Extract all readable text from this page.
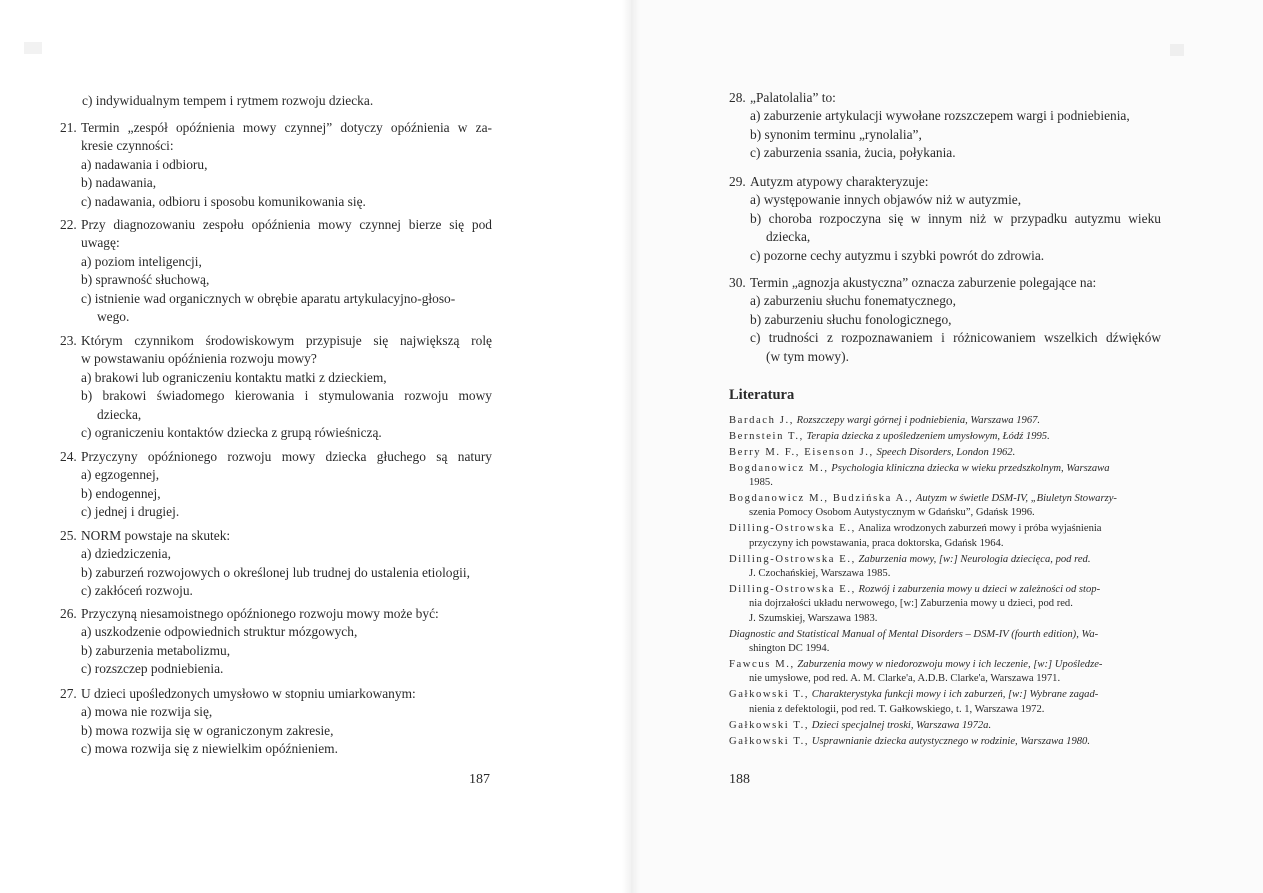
c) indywidualnym tempem i rytmem rozwoju dziecka.
21. Termin „zespół opóźnienia mowy czynnej” dotyczy opóźnienia w za-
kresie czynności:
a) nadawania i odbioru,
b) nadawania,
c) nadawania, odbioru i sposobu komunikowania się.
22. Przy diagnozowaniu zespołu opóźnienia mowy czynnej bierze się pod
uwagę:
a) poziom inteligencji,
b) sprawność słuchową,
c) istnienie wad organicznych w obrębie aparatu artykulacyjno-głoso-
wego.
23. Którym czynnikom środowiskowym przypisuje się największą rolę
w powstawaniu opóźnienia rozwoju mowy?
a) brakowi lub ograniczeniu kontaktu matki z dzieckiem,
b) brakowi świadomego kierowania i stymulowania rozwoju mowy
dziecka,
c) ograniczeniu kontaktów dziecka z grupą rówieśniczą.
24. Przyczyny opóźnionego rozwoju mowy dziecka głuchego są natury
a) egzogennej,
b) endogennej,
c) jednej i drugiej.
25. NORM powstaje na skutek:
a) dziedziczenia,
b) zaburzeń rozwojowych o określonej lub trudnej do ustalenia etiologii,
c) zakłóceń rozwoju.
26. Przyczyną niesamoistnego opóźnionego rozwoju mowy może być:
a) uszkodzenie odpowiednich struktur mózgowych,
b) zaburzenia metabolizmu,
c) rozszczep podniebienia.
27. U dzieci upośledzonych umysłowo w stopniu umiarkowanym:
a) mowa nie rozwija się,
b) mowa rozwija się w ograniczonym zakresie,
c) mowa rozwija się z niewielkim opóźnieniem.
187
28. „Palatolalia” to:
a) zaburzenie artykulacji wywołane rozszczepem wargi i podniebienia,
b) synonim terminu „rynolalia”,
c) zaburzenia ssania, żucia, połykania.
29. Autyzm atypowy charakteryzuje:
a) występowanie innych objawów niż w autyzmie,
b) choroba rozpoczyna się w innym niż w przypadku autyzmu wieku
dziecka,
c) pozorne cechy autyzmu i szybki powrót do zdrowia.
30. Termin „agnozja akustyczna” oznacza zaburzenie polegające na:
a) zaburzeniu słuchu fonematycznego,
b) zaburzeniu słuchu fonologicznego,
c) trudności z rozpoznawaniem i różnicowaniem wszelkich dźwięków
(w tym mowy).
Literatura
Bardach J., Rozszczepy wargi górnej i podniebienia, Warszawa 1967.
Bernstein T., Terapia dziecka z upośledzeniem umysłowym, Łódź 1995.
Berry M. F., Eisenson J., Speech Disorders, London 1962.
Bogdanowicz M., Psychologia kliniczna dziecka w wieku przedszkolnym, Warszawa
1985.
Bogdanowicz M., Budzińska A., Autyzm w świetle DSM-IV, „Biuletyn Stowarzy-
szenia Pomocy Osobom Autystycznym w Gdańsku”, Gdańsk 1996.
Dilling-Ostrowska E., Analiza wrodzonych zaburzeń mowy i próba wyjaśnienia
przyczyny ich powstawania, praca doktorska, Gdańsk 1964.
Dilling-Ostrowska E., Zaburzenia mowy, [w:] Neurologia dziecięca, pod red.
J. Czochańskiej, Warszawa 1985.
Dilling-Ostrowska E., Rozwój i zaburzenia mowy u dzieci w zależności od stop-
nia dojrzałości układu nerwowego, [w:] Zaburzenia mowy u dzieci, pod red.
J. Szumskiej, Warszawa 1983.
Diagnostic and Statistical Manual of Mental Disorders – DSM-IV (fourth edition), Wa-
shington DC 1994.
Fawcus M., Zaburzenia mowy w niedorozwoju mowy i ich leczenie, [w:] Upośledze-
nie umysłowe, pod red. A. M. Clarke'a, A.D.B. Clarke'a, Warszawa 1971.
Gałkowski T., Charakterystyka funkcji mowy i ich zaburzeń, [w:] Wybrane zagad-
nienia z defektologii, pod red. T. Gałkowskiego, t. 1, Warszawa 1972.
Gałkowski T., Dzieci specjalnej troski, Warszawa 1972a.
Gałkowski T., Usprawnianie dziecka autystycznego w rodzinie, Warszawa 1980.
188
